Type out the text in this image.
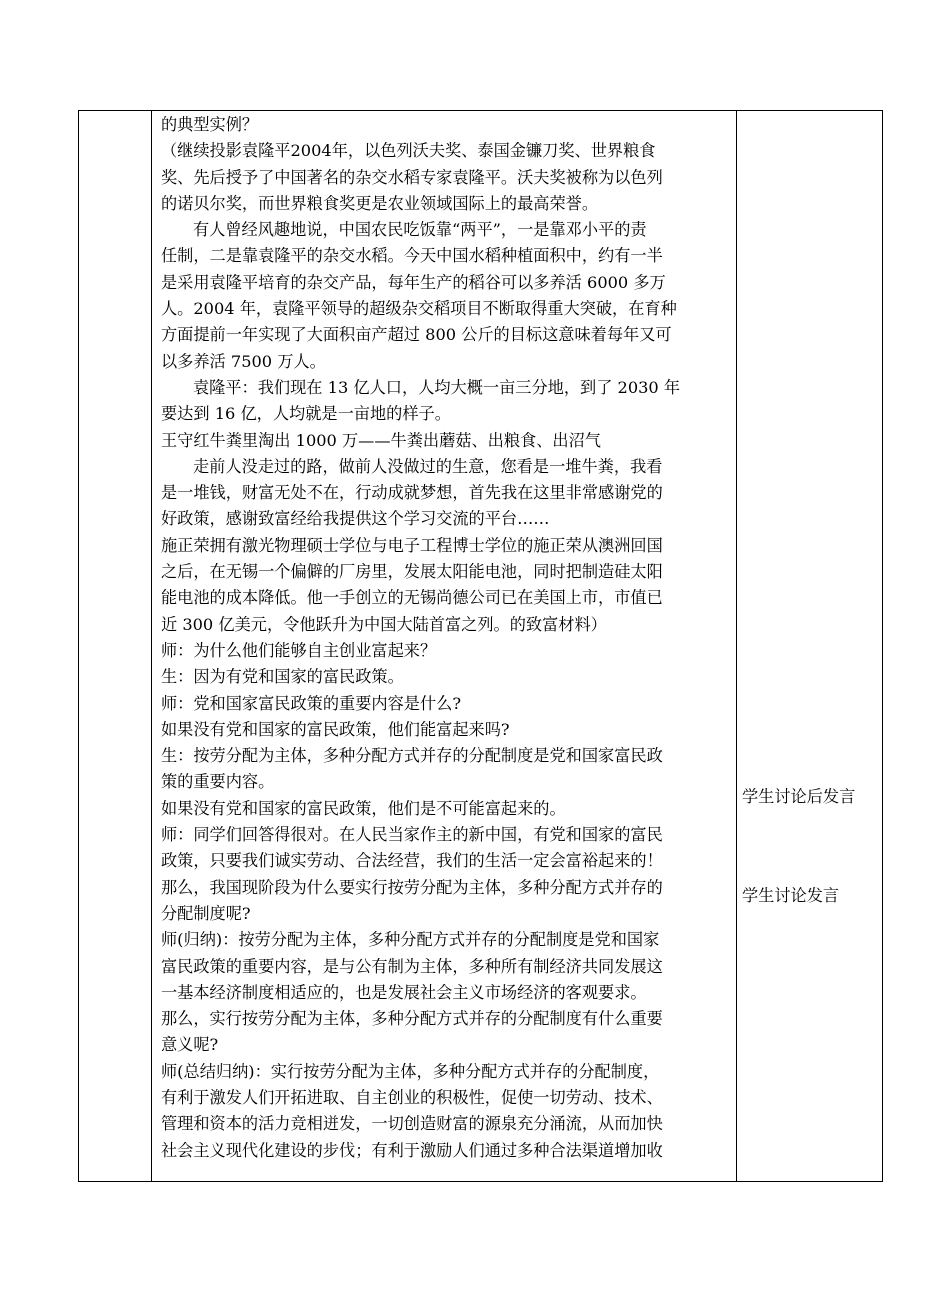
的典型实例？
（继续投影袁隆平2004年，以色列沃夫奖、泰国金镰刀奖、世界粮食
奖、先后授予了中国著名的杂交水稻专家袁隆平。沃夫奖被称为以色列
的诺贝尔奖，而世界粮食奖更是农业领域国际上的最高荣誉。
有人曾经风趣地说，中国农民吃饭靠“两平”，一是靠邓小平的责
任制，二是靠袁隆平的杂交水稻。今天中国水稻种植面积中，约有一半
是采用袁隆平培育的杂交产品，每年生产的稻谷可以多养活 6000 多万
人。2004 年，袁隆平领导的超级杂交稻项目不断取得重大突破，在育种
方面提前一年实现了大面积亩产超过 800 公斤的目标这意味着每年又可
以多养活 7500 万人。
袁隆平：我们现在 13 亿人口，人均大概一亩三分地，到了 2030 年
要达到 16 亿，人均就是一亩地的样子。
王守红牛粪里淘出 1000 万——牛粪出蘑菇、出粮食、出沼气
走前人没走过的路，做前人没做过的生意，您看是一堆牛粪，我看
是一堆钱，财富无处不在，行动成就梦想，首先我在这里非常感谢党的
好政策，感谢致富经给我提供这个学习交流的平台……
施正荣拥有激光物理硕士学位与电子工程博士学位的施正荣从澳洲回国
之后，在无锡一个偏僻的厂房里，发展太阳能电池，同时把制造硅太阳
能电池的成本降低。他一手创立的无锡尚德公司已在美国上市，市值已
近 300 亿美元，令他跃升为中国大陆首富之列。的致富材料）
师：为什么他们能够自主创业富起来？
生：因为有党和国家的富民政策。
师：党和国家富民政策的重要内容是什么?
如果没有党和国家的富民政策，他们能富起来吗?
生：按劳分配为主体，多种分配方式并存的分配制度是党和国家富民政
策的重要内容。
如果没有党和国家的富民政策，他们是不可能富起来的。
师：同学们回答得很对。在人民当家作主的新中国，有党和国家的富民
政策，只要我们诚实劳动、合法经营，我们的生活一定会富裕起来的！
那么，我国现阶段为什么要实行按劳分配为主体，多种分配方式并存的
分配制度呢?
师(归纳)：按劳分配为主体，多种分配方式并存的分配制度是党和国家
富民政策的重要内容，是与公有制为主体，多种所有制经济共同发展这
一基本经济制度相适应的，也是发展社会主义市场经济的客观要求。
那么，实行按劳分配为主体，多种分配方式并存的分配制度有什么重要
意义呢?
师(总结归纳)：实行按劳分配为主体，多种分配方式并存的分配制度，
有利于激发人们开拓进取、自主创业的积极性，促使一切劳动、技术、
管理和资本的活力竞相迸发，一切创造财富的源泉充分涌流，从而加快
社会主义现代化建设的步伐；有利于激励人们通过多种合法渠道增加收
学生讨论后发言
学生讨论发言
